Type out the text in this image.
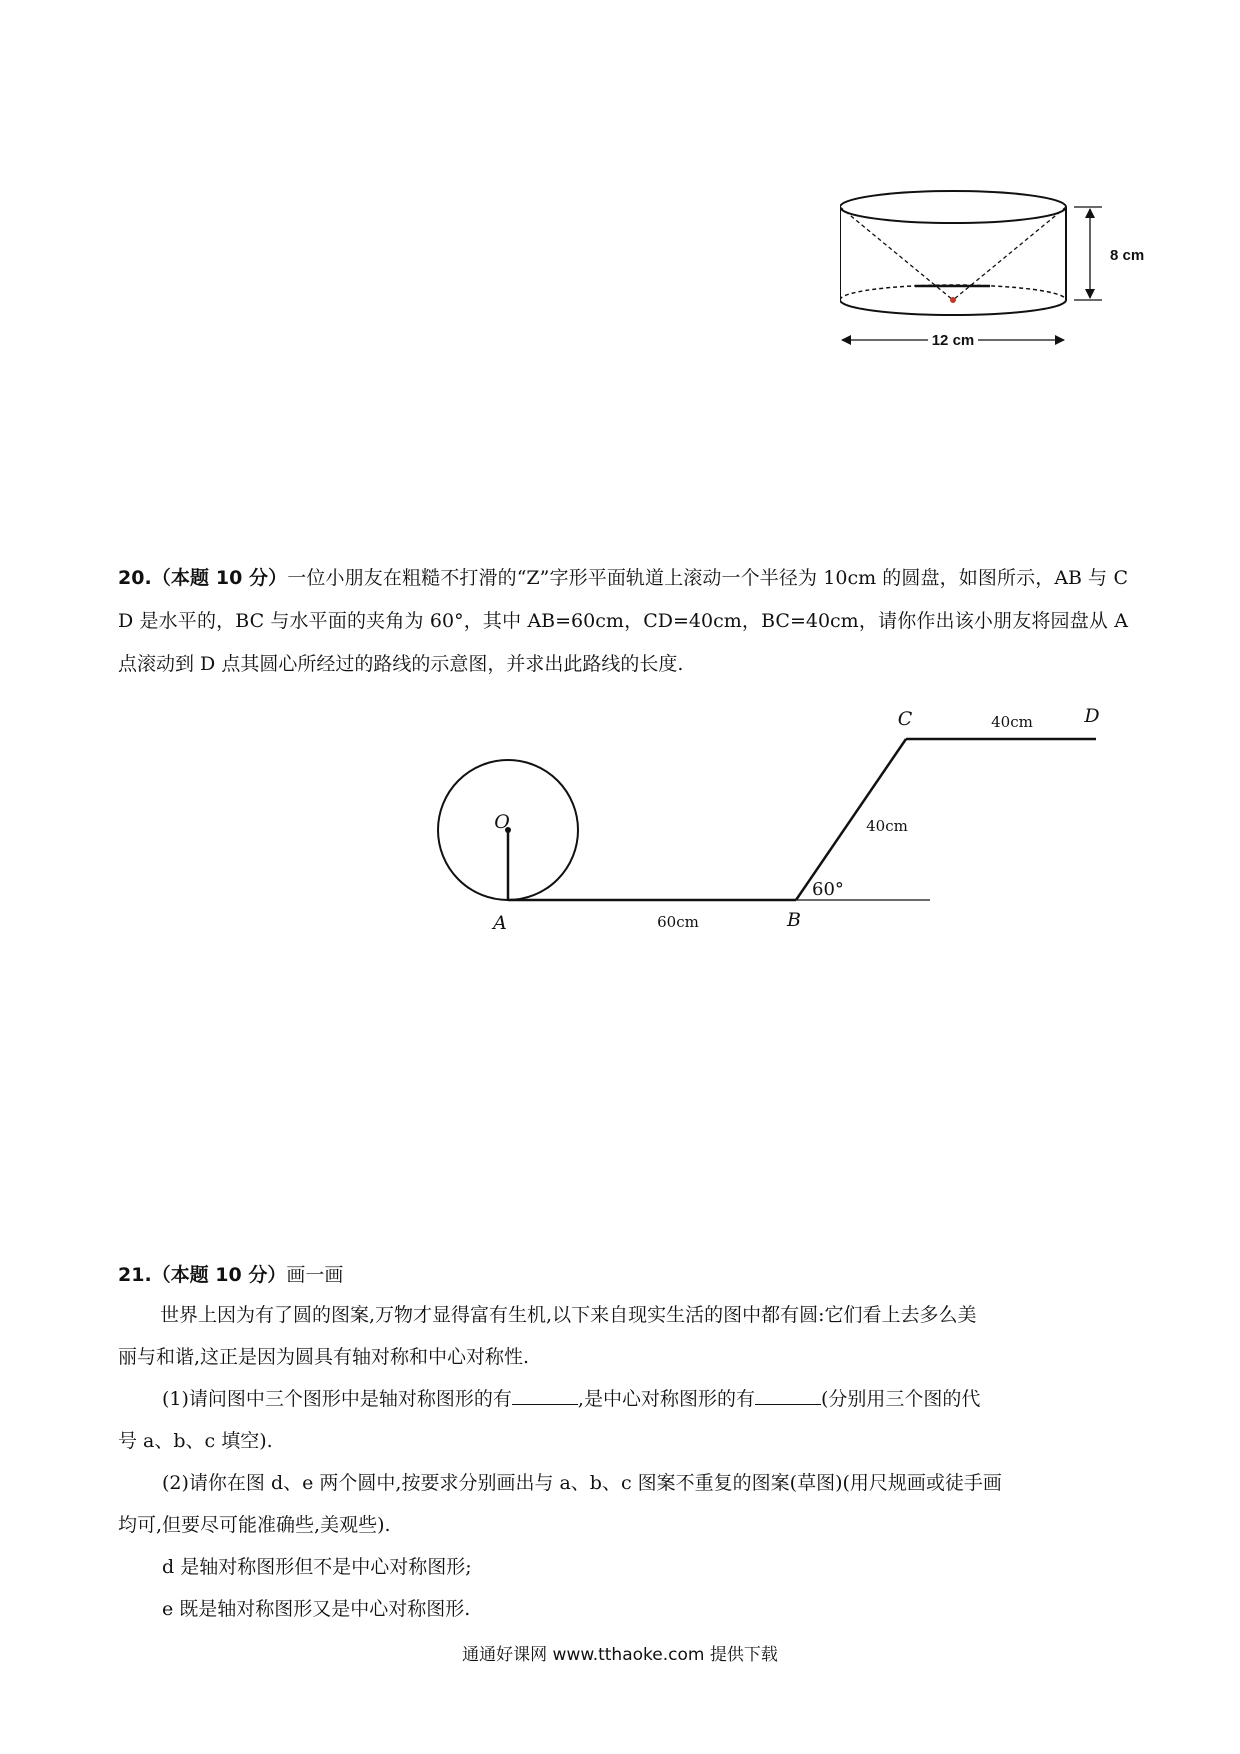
8 cm
12 cm

20.（本题 10 分）一位小朋友在粗糙不打滑的“Z”字形平面轨道上滚动一个半径为 10cm 的圆盘，如图所示，AB 与 C D 是水平的，BC 与水平面的夹角为 60°，其中 AB=60cm，CD=40cm，BC=40cm，请你作出该小朋友将园盘从 A 点滚动到 D 点其圆心所经过的路线的示意图，并求出此路线的长度.

O
A	B
C	D
60cm
40cm
40cm
60°

21.（本题 10 分）画一画

世界上因为有了圆的图案,万物才显得富有生机,以下来自现实生活的图中都有圆:它们看上去多么美

丽与和谐,这正是因为圆具有轴对称和中心对称性.

(1)请问图中三个图形中是轴对称图形的有	,是中心对称图形的有	(分别用三个图的代

号 a、b、c 填空).

(2)请你在图 d、e 两个圆中,按要求分别画出与 a、b、c 图案不重复的图案(草图)(用尺规画或徒手画

均可,但要尽可能准确些,美观些).

d 是轴对称图形但不是中心对称图形;

e 既是轴对称图形又是中心对称图形.

通通好课网 www.tthaoke.com 提供下载
